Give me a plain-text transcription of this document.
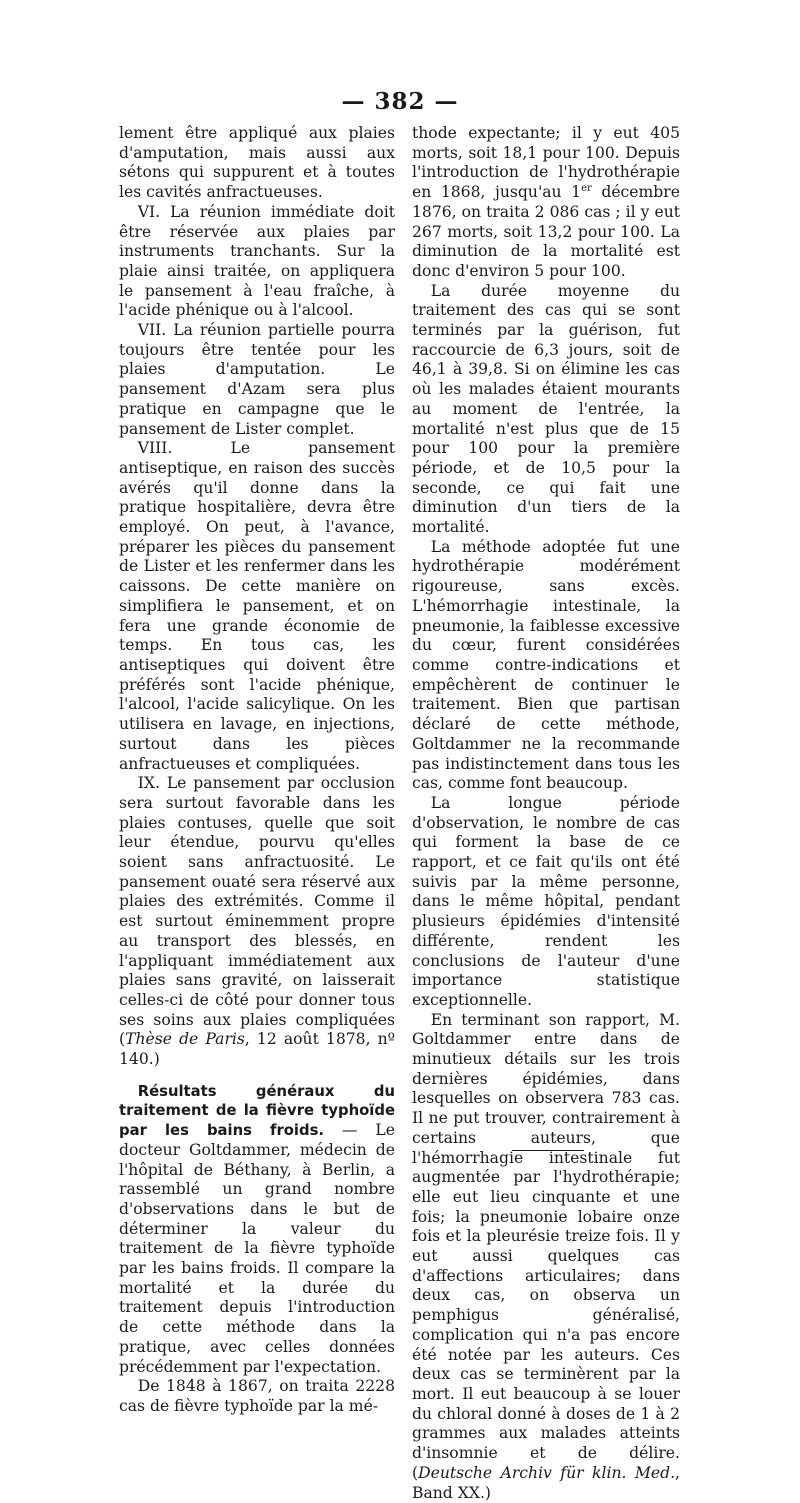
— 382 —

lement être appliqué aux plaies d'amputation, mais aussi aux sétons qui suppurent et à toutes les cavités anfractueuses.

VI. La réunion immédiate doit être réservée aux plaies par instruments tranchants. Sur la plaie ainsi traitée, on appliquera le pansement à l'eau fraîche, à l'acide phénique ou à l'alcool.

VII. La réunion partielle pourra toujours être tentée pour les plaies d'amputation. Le pansement d'Azam sera plus pratique en campagne que le pansement de Lister complet.

VIII. Le pansement antiseptique, en raison des succès avérés qu'il donne dans la pratique hospitalière, devra être employé. On peut, à l'avance, préparer les pièces du pansement de Lister et les renfermer dans les caissons. De cette manière on simplifiera le pansement, et on fera une grande économie de temps. En tous cas, les antiseptiques qui doivent être préférés sont l'acide phénique, l'alcool, l'acide salicylique. On les utilisera en lavage, en injections, surtout dans les pièces anfractueuses et compliquées.

IX. Le pansement par occlusion sera surtout favorable dans les plaies contuses, quelle que soit leur étendue, pourvu qu'elles soient sans anfractuosité. Le pansement ouaté sera réservé aux plaies des extrémités. Comme il est surtout éminemment propre au transport des blessés, en l'appliquant immédiatement aux plaies sans gravité, on laisserait celles-ci de côté pour donner tous ses soins aux plaies compliquées (Thèse de Paris, 12 août 1878, nº 140.)

Résultats généraux du traitement de la fièvre typhoïde par les bains froids. — Le docteur Goltdammer, médecin de l'hôpital de Béthany, à Berlin, a rassemblé un grand nombre d'observations dans le but de déterminer la valeur du traitement de la fièvre typhoïde par les bains froids. Il compare la mortalité et la durée du traitement depuis l'introduction de cette méthode dans la pratique, avec celles données précédemment par l'expectation.

De 1848 à 1867, on traita 2228 cas de fièvre typhoïde par la mé-

thode expectante; il y eut 405 morts, soit 18,1 pour 100. Depuis l'introduction de l'hydrothérapie en 1868, jusqu'au 1er décembre 1876, on traita 2 086 cas ; il y eut 267 morts, soit 13,2 pour 100. La diminution de la mortalité est donc d'environ 5 pour 100.

La durée moyenne du traitement des cas qui se sont terminés par la guérison, fut raccourcie de 6,3 jours, soit de 46,1 à 39,8. Si on élimine les cas où les malades étaient mourants au moment de l'entrée, la mortalité n'est plus que de 15 pour 100 pour la première période, et de 10,5 pour la seconde, ce qui fait une diminution d'un tiers de la mortalité.

La méthode adoptée fut une hydrothérapie modérément rigoureuse, sans excès. L'hémorrhagie intestinale, la pneumonie, la faiblesse excessive du cœur, furent considérées comme contre-indications et empêchèrent de continuer le traitement. Bien que partisan déclaré de cette méthode, Goltdammer ne la recommande pas indistinctement dans tous les cas, comme font beaucoup.

La longue période d'observation, le nombre de cas qui forment la base de ce rapport, et ce fait qu'ils ont été suivis par la même personne, dans le même hôpital, pendant plusieurs épidémies d'intensité différente, rendent les conclusions de l'auteur d'une importance statistique exceptionnelle.

En terminant son rapport, M. Goltdammer entre dans de minutieux détails sur les trois dernières épidémies, dans lesquelles on observera 783 cas. Il ne put trouver, contrairement à certains auteurs, que l'hémorrhagie intestinale fut augmentée par l'hydrothérapie; elle eut lieu cinquante et une fois; la pneumonie lobaire onze fois et la pleurésie treize fois. Il y eut aussi quelques cas d'affections articulaires; dans deux cas, on observa un pemphigus généralisé, complication qui n'a pas encore été notée par les auteurs. Ces deux cas se terminèrent par la mort. Il eut beaucoup à se louer du chloral donné à doses de 1 à 2 grammes aux malades atteints d'insomnie et de délire. (Deutsche Archiv für klin. Med., Band XX.)
